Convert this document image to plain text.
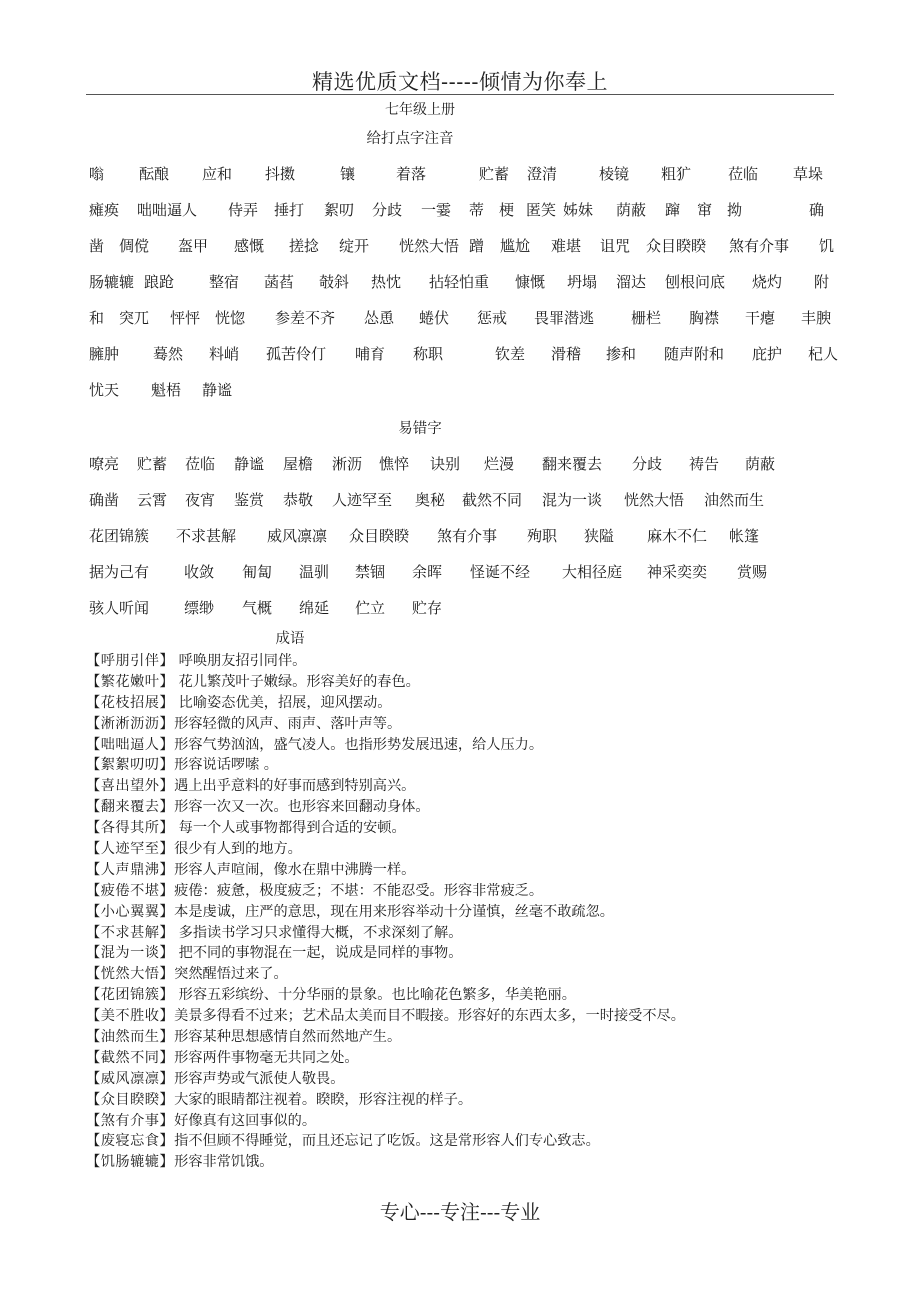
精选优质文档-----倾情为你奉上
七年级上册
给打点字注音
嗡 酝酿 应和 抖擞	镶	着落	贮蓄 澄清	棱镜 粗犷 莅临 草垛
瘫痪 咄咄逼人 侍弄 捶打 絮叨 分歧 一霎 蒂 梗 匿笑 姊妹 荫蔽 蹿 窜 拗	确
凿 倜傥 盔甲 感慨 搓捻 绽开 恍然大悟 蹭 尴尬 难堪 诅咒 众目睽睽 煞有介事 饥
肠辘辘 踉跄 整宿 菡萏 攲斜 热忱 拈轻怕重 慷慨 坍塌 溜达 刨根问底 烧灼 附
和 突兀 怦怦 恍惚 参差不齐 怂恿 蜷伏 惩戒 畏罪潜逃 栅栏 胸襟 干瘪 丰腴
臃肿 蓦然 料峭 孤苦伶仃 哺育 称职	钦差 滑稽 掺和 随声附和 庇护 杞人
忧天 魁梧 静谧
易错字
嘹亮 贮蓄 莅临 静谧 屋檐 淅沥 憔悴 诀别 烂漫 翻来覆去 分歧 祷告 荫蔽
确凿 云霄 夜宵 鉴赏 恭敬 人迹罕至 奥秘 截然不同 混为一谈 恍然大悟 油然而生
花团锦簇 不求甚解 威风凛凛 众目睽睽 煞有介事 殉职 狭隘 麻木不仁 帐篷
据为己有 收敛 匍匐 温驯 禁锢 余晖 怪诞不经 大相径庭 神采奕奕 赏赐
骇人听闻 缥缈 气概 绵延 伫立 贮存
成语
【呼朋引伴】 呼唤朋友招引同伴。
【繁花嫩叶】 花儿繁茂叶子嫩绿。形容美好的春色。
【花枝招展】 比喻姿态优美，招展，迎风摆动。
【淅淅沥沥】形容轻微的风声、雨声、落叶声等。
【咄咄逼人】形容气势汹汹，盛气凌人。也指形势发展迅速，给人压力。
【絮絮叨叨】形容说话啰嗦 。
【喜出望外】遇上出乎意料的好事而感到特别高兴。
【翻来覆去】形容一次又一次。也形容来回翻动身体。
【各得其所】 每一个人或事物都得到合适的安顿。
【人迹罕至】很少有人到的地方。
【人声鼎沸】形容人声喧闹，像水在鼎中沸腾一样。
【疲倦不堪】疲倦：疲惫，极度疲乏；不堪：不能忍受。形容非常疲乏。
【小心翼翼】本是虔诚，庄严的意思，现在用来形容举动十分谨慎，丝毫不敢疏忽。
【不求甚解】 多指读书学习只求懂得大概，不求深刻了解。
【混为一谈】 把不同的事物混在一起，说成是同样的事物。
【恍然大悟】突然醒悟过来了。
【花团锦簇】 形容五彩缤纷、十分华丽的景象。也比喻花色繁多，华美艳丽。
【美不胜收】美景多得看不过来；艺术品太美而目不暇接。形容好的东西太多，一时接受不尽。
【油然而生】形容某种思想感情自然而然地产生。
【截然不同】形容两件事物毫无共同之处。
【威风凛凛】形容声势或气派使人敬畏。
【众目睽睽】大家的眼睛都注视着。睽睽，形容注视的样子。
【煞有介事】好像真有这回事似的。
【废寝忘食】指不但顾不得睡觉，而且还忘记了吃饭。这是常形容人们专心致志。
【饥肠辘辘】形容非常饥饿。
专心---专注---专业
